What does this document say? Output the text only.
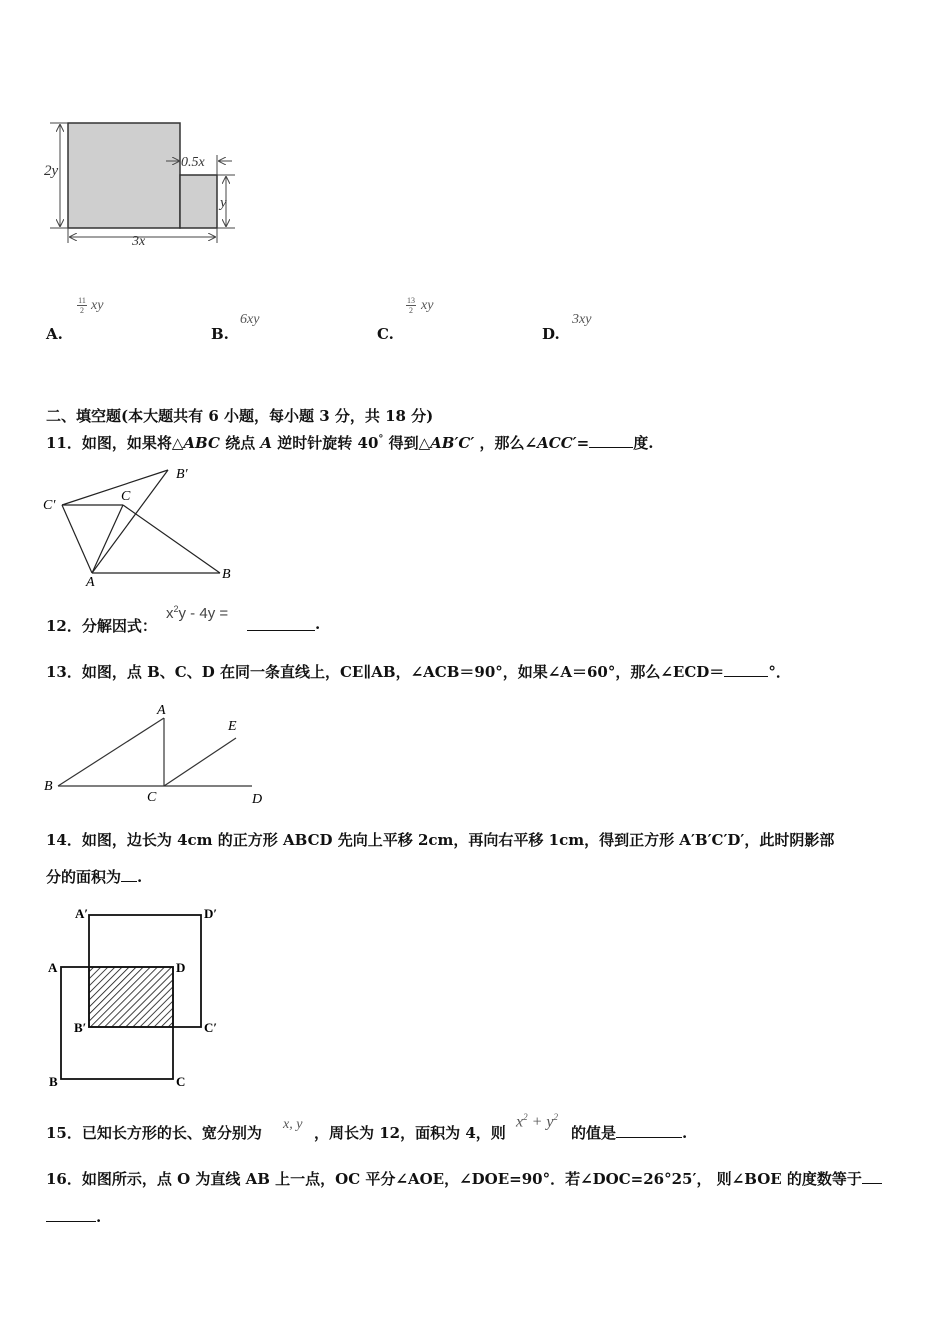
2y
0.5x
y
3x
A.
11
2 xy
B.
6xy
C.
13
2 xy
D.
3xy
二、填空题(本大题共有 6 小题，每小题 3 分，共 18 分)
11．如图，如果将△ABC 绕点 A 逆时针旋转 40° 得到△AB′C′ ，那么∠ACC′=	度.
C′
C
B′
A
B
12．分解因式：
$x^2y - 4y$ =
.
13．如图，点 B、C、D 在同一条直线上，CE∥AB，∠ACB＝90°，如果∠A＝60°，那么∠ECD＝	°．
A
E
B
C	D
14．如图，边长为 4cm 的正方形 ABCD 先向上平移 2cm，再向右平移 1cm，得到正方形 A′B′C′D′，此时阴影部
分的面积为 .
A′	D′
A	D
B′	C′
B	C
15．已知长方形的长、宽分别为 x, y ，周长为 12，面积为 4，则
$x^2 + y^2$
的值是	.
16．如图所示，点 O 为直线 AB 上一点，OC 平分∠AOE，∠DOE=90°．若∠DOC=26°25′， 则∠BOE 的度数等于
.
